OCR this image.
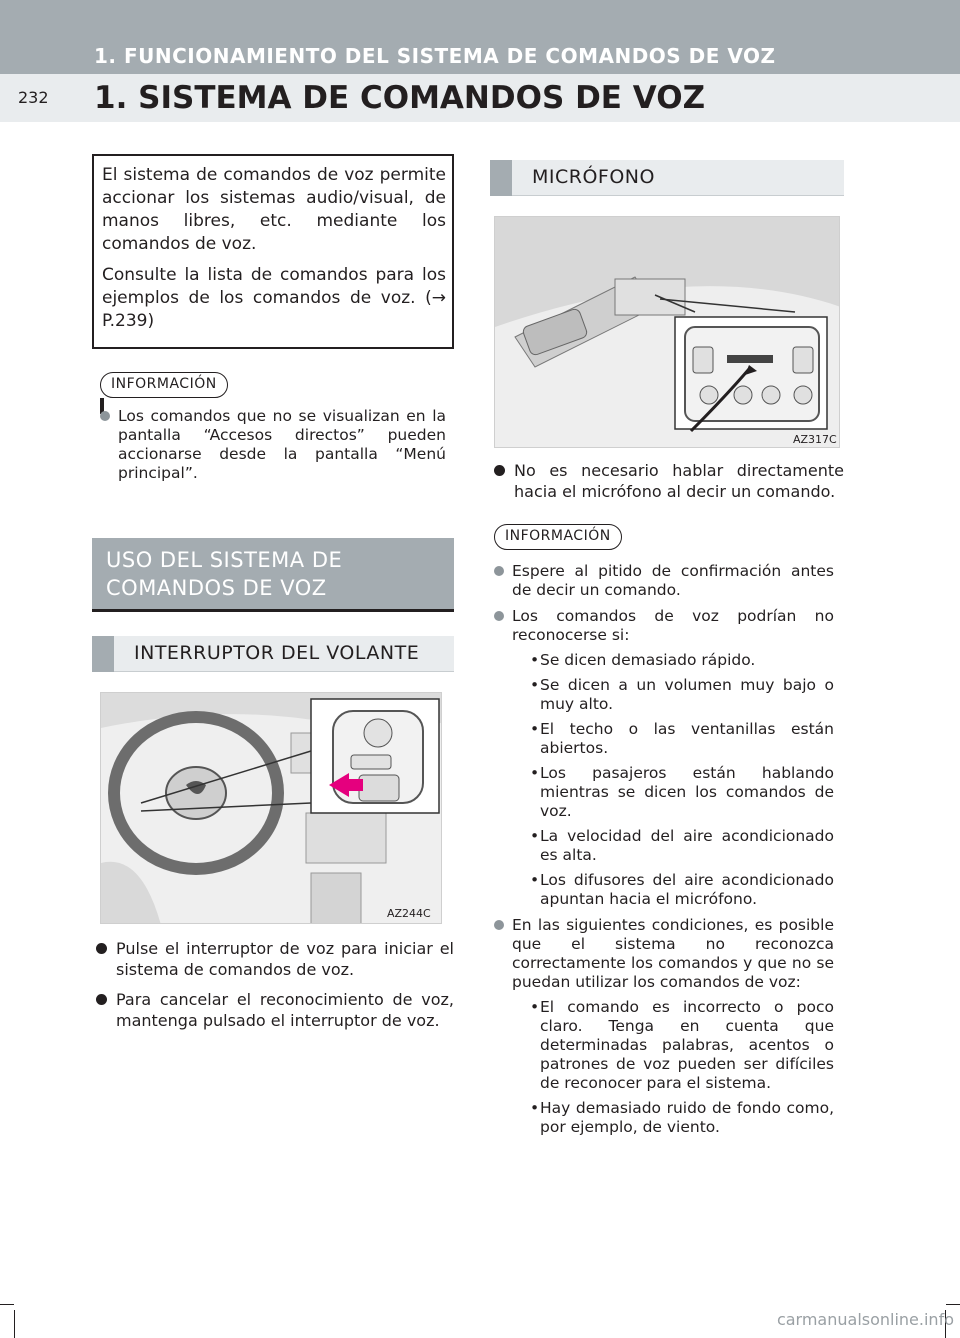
1. FUNCIONAMIENTO DEL SISTEMA DE COMANDOS DE VOZ
1. SISTEMA DE COMANDOS DE VOZ
232

El sistema de comandos de voz permite accionar los sistemas audio/visual, de manos libres, etc. mediante los comandos de voz.

Consulte la lista de comandos para los ejemplos de los comandos de voz. (→ P.239)

INFORMACIÓN
Los comandos que no se visualizan en la pantalla “Accesos directos” pueden accionarse desde la pantalla “Menú principal”.
USO DEL SISTEMA DE COMANDOS DE VOZ
INTERRUPTOR DEL VOLANTE
AZ244C
Pulse el interruptor de voz para iniciar el sistema de comandos de voz.
Para cancelar el reconocimiento de voz, mantenga pulsado el interruptor de voz.
MICRÓFONO
AZ317C
No es necesario hablar directamente hacia el micrófono al decir un comando.
INFORMACIÓN
Espere al pitido de confirmación antes de decir un comando.
Los comandos de voz podrían no reconocerse si:
• Se dicen demasiado rápido.
• Se dicen a un volumen muy bajo o muy alto.
• El techo o las ventanillas están abiertos.
• Los pasajeros están hablando mientras se dicen los comandos de voz.
• La velocidad del aire acondicionado es alta.
• Los difusores del aire acondicionado apuntan hacia el micrófono.
En las siguientes condiciones, es posible que el sistema no reconozca correctamente los comandos y que no se puedan utilizar los comandos de voz:
• El comando es incorrecto o poco claro. Tenga en cuenta que determinadas palabras, acentos o patrones de voz pueden ser difíciles de reconocer para el sistema.
• Hay demasiado ruido de fondo como, por ejemplo, de viento.
carmanualsonline.info
